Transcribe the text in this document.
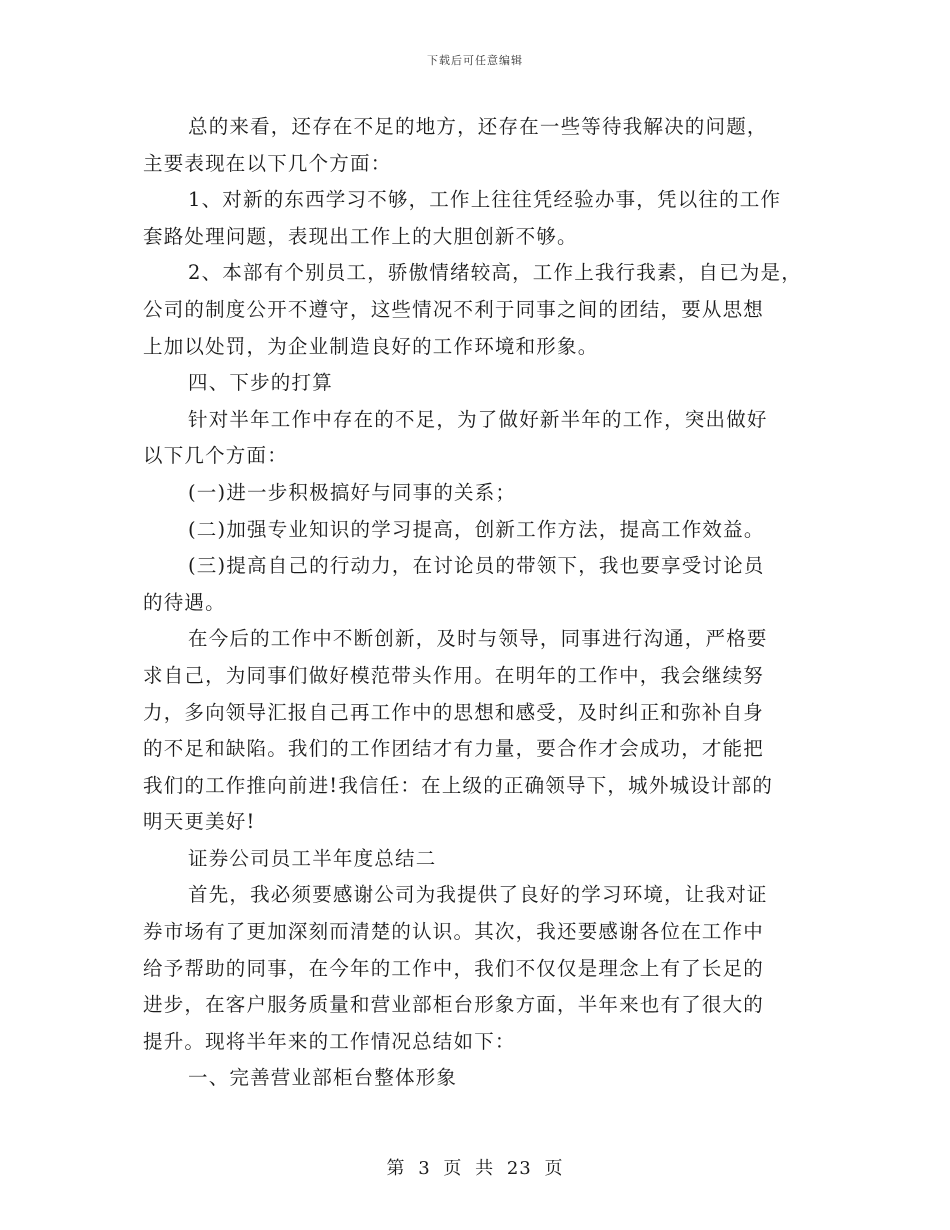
下载后可任意编辑
总的来看，还存在不足的地方，还存在一些等待我解决的问题，
主要表现在以下几个方面：
1、对新的东西学习不够，工作上往往凭经验办事，凭以往的工作
套路处理问题，表现出工作上的大胆创新不够。
2、本部有个别员工，骄傲情绪较高，工作上我行我素，自已为是，
公司的制度公开不遵守，这些情况不利于同事之间的团结，要从思想
上加以处罚，为企业制造良好的工作环境和形象。
四、下步的打算
针对半年工作中存在的不足，为了做好新半年的工作，突出做好
以下几个方面：
(一)进一步积极搞好与同事的关系；
(二)加强专业知识的学习提高，创新工作方法，提高工作效益。
(三)提高自己的行动力，在讨论员的带领下，我也要享受讨论员
的待遇。
在今后的工作中不断创新，及时与领导，同事进行沟通，严格要
求自己，为同事们做好模范带头作用。在明年的工作中，我会继续努
力，多向领导汇报自己再工作中的思想和感受，及时纠正和弥补自身
的不足和缺陷。我们的工作团结才有力量，要合作才会成功，才能把
我们的工作推向前进!我信任：在上级的正确领导下，城外城设计部的
明天更美好!
证券公司员工半年度总结二
首先，我必须要感谢公司为我提供了良好的学习环境，让我对证
券市场有了更加深刻而清楚的认识。其次，我还要感谢各位在工作中
给予帮助的同事，在今年的工作中，我们不仅仅是理念上有了长足的
进步，在客户服务质量和营业部柜台形象方面，半年来也有了很大的
提升。现将半年来的工作情况总结如下：
一、完善营业部柜台整体形象
第 3 页 共 23 页
